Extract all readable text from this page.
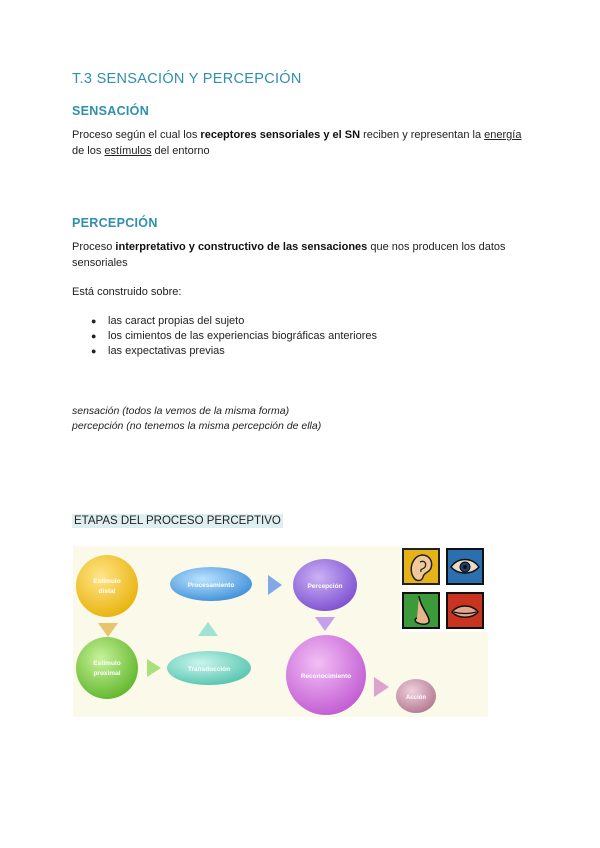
T.3 SENSACIÓN Y PERCEPCIÓN
SENSACIÓN
Proceso según el cual los receptores sensoriales y el SN reciben y representan la energía
de los estímulos del entorno
PERCEPCIÓN
Proceso interpretativo y constructivo de las sensaciones que nos producen los datos
sensoriales
Está construido sobre:
● las caract propias del sujeto
● los cimientos de las experiencias biográficas anteriores
● las expectativas previas
sensación (todos la vemos de la misma forma)
percepción (no tenemos la misma percepción de ella)
ETAPAS DEL PROCESO PERCEPTIVO
Estímulo
distal
Estímulo
proximal
Transducción
Procesamiento	Percepción
Reconocimiento
Acción
